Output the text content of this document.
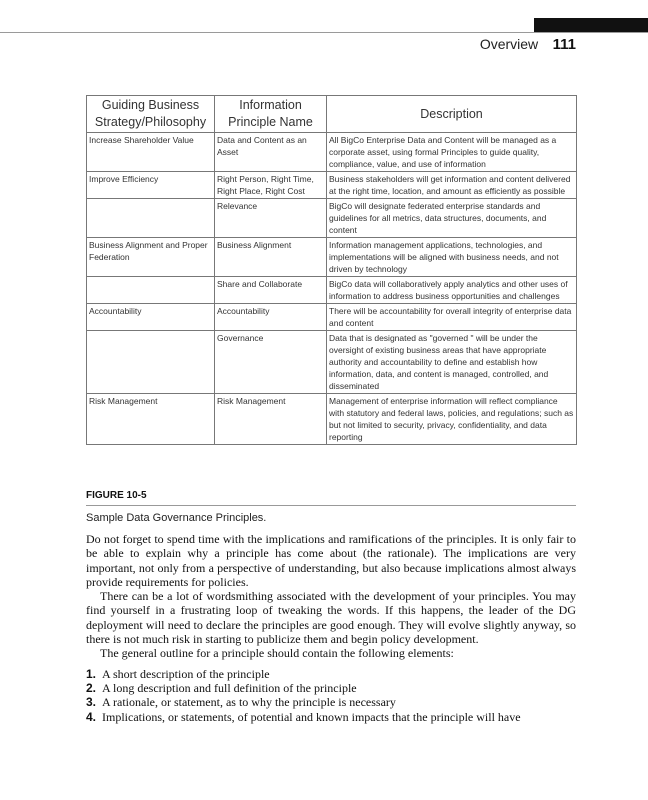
Overview 111
Guiding Business Strategy/Philosophy	Information Principle Name	Description
Increase Shareholder Value	Data and Content as an Asset	All BigCo Enterprise Data and Content will be managed as a corporate asset, using formal Principles to guide quality, compliance, value, and use of information
Improve Efficiency	Right Person, Right Time, Right Place, Right Cost	Business stakeholders will get information and content delivered at the right time, location, and amount as efficiently as possible
	Relevance	BigCo will designate federated enterprise standards and guidelines for all metrics, data structures, documents, and content
Business Alignment and Proper Federation	Business Alignment	Information management applications, technologies, and implementations will be aligned with business needs, and not driven by technology
	Share and Collaborate	BigCo data will collaboratively apply analytics and other uses of information to address business opportunities and challenges
Accountability	Accountability	There will be accountability for overall integrity of enterprise data and content
	Governance	Data that is designated as "governed " will be under the oversight of existing business areas that have appropriate authority and accountability to define and establish how information, data, and content is managed, controlled, and disseminated
Risk Management	Risk Management	Management of enterprise information will reflect compliance with statutory and federal laws, policies, and regulations; such as but not limited to security, privacy, confidentiality, and data reporting
FIGURE 10-5
Sample Data Governance Principles.

Do not forget to spend time with the implications and ramifications of the principles. It is only fair to be able to explain why a principle has come about (the rationale). The implications are very important, not only from a perspective of understanding, but also because implications almost always provide requirements for policies.

There can be a lot of wordsmithing associated with the development of your principles. You may find yourself in a frustrating loop of tweaking the words. If this happens, the leader of the DG deployment will need to declare the principles are good enough. They will evolve slightly anyway, so there is not much risk in starting to publicize them and begin policy development.

The general outline for a principle should contain the following elements:

1. A short description of the principle
2. A long description and full definition of the principle
3. A rationale, or statement, as to why the principle is necessary
4. Implications, or statements, of potential and known impacts that the principle will have
